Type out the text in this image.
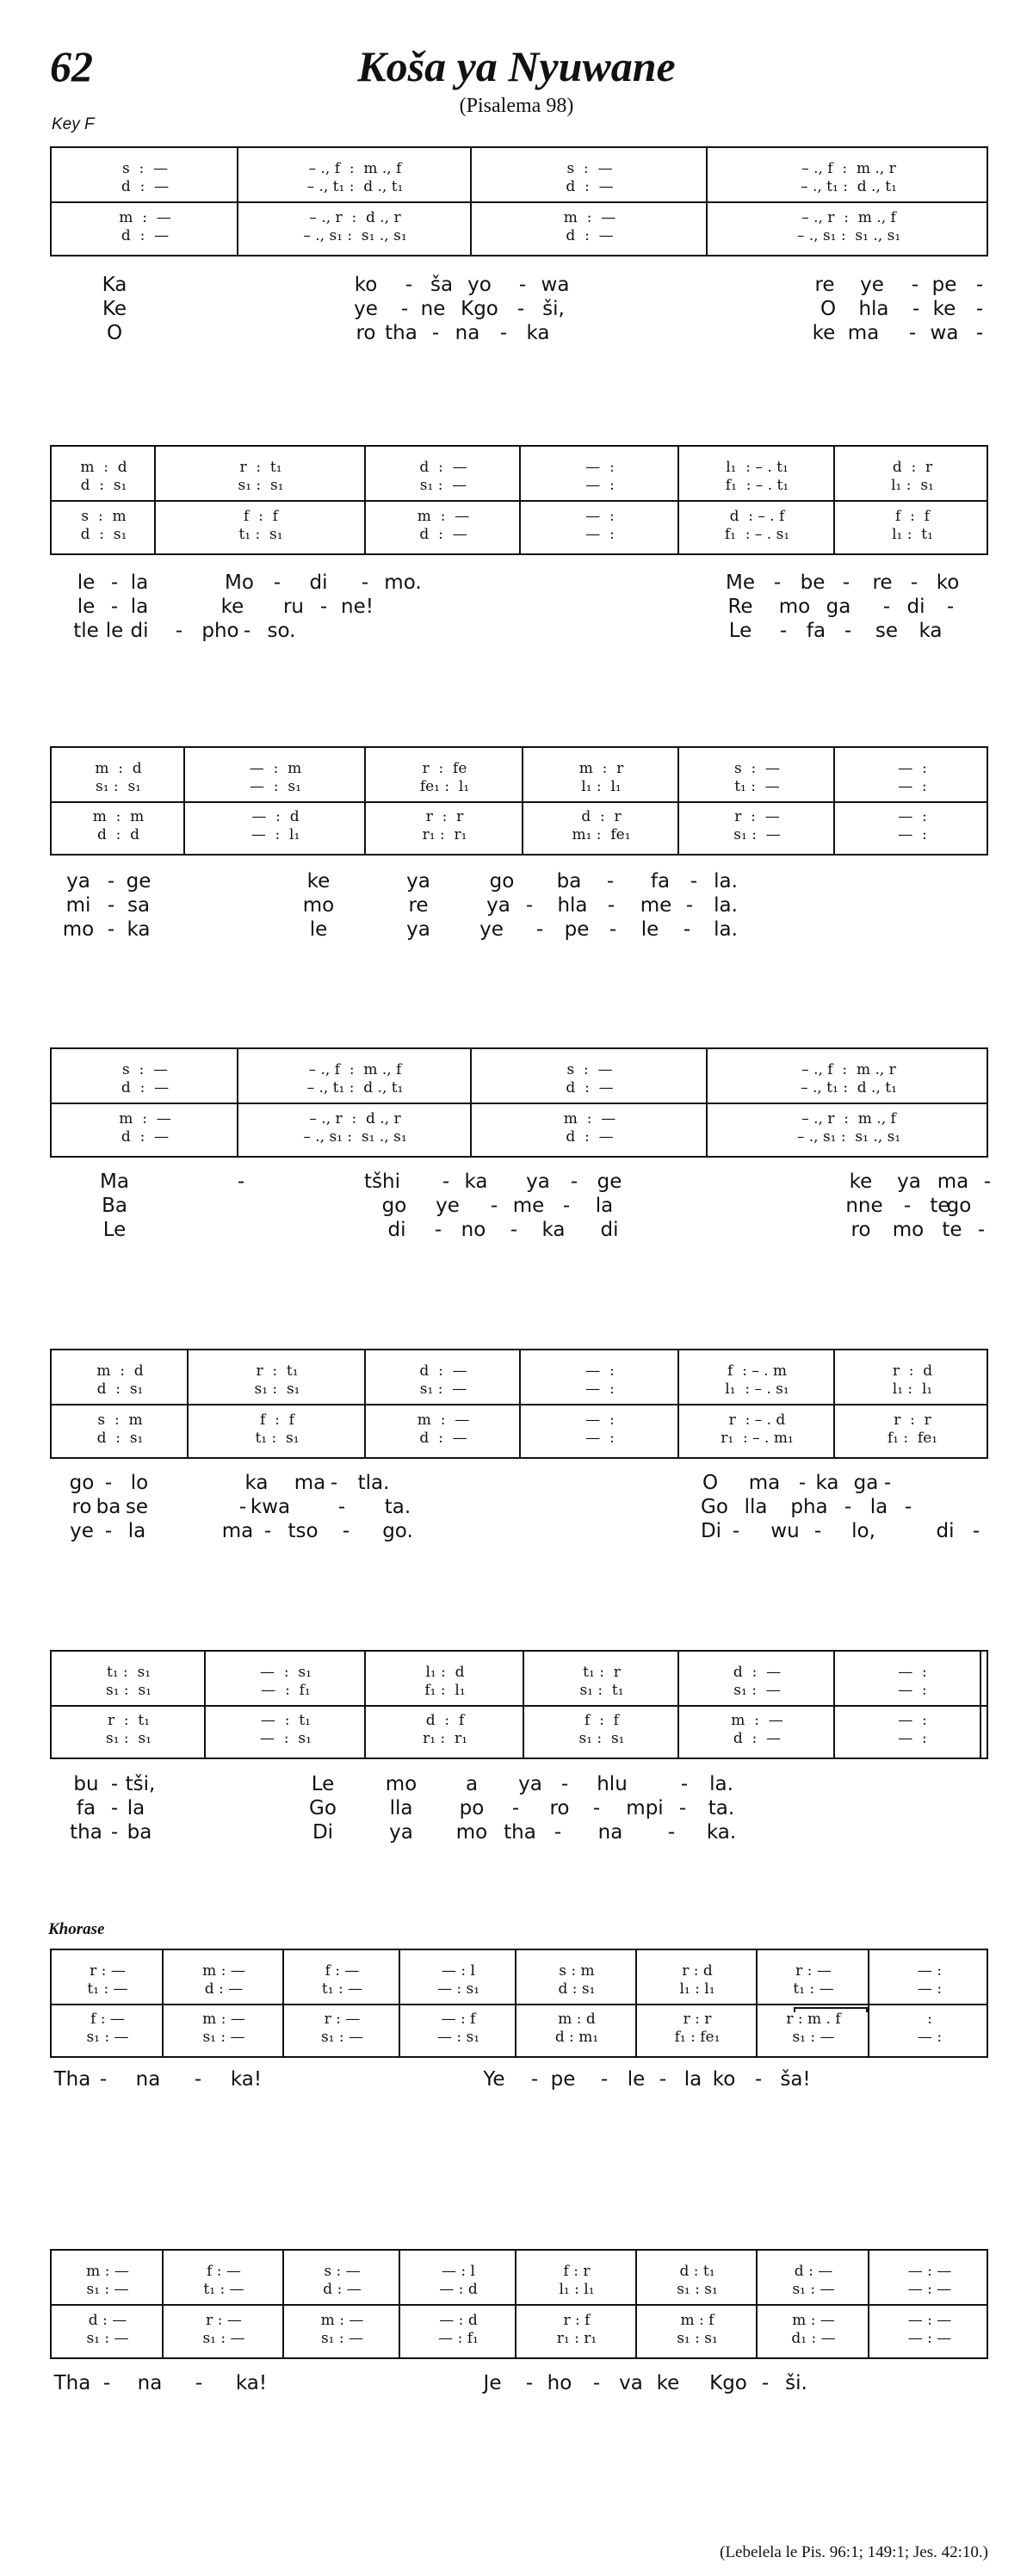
62	Koša ya Nyuwane
(Pisalema 98)
Key F
Khorase
(Lebelela le Pis. 96:1; 149:1; Jes. 42:10.)
s  :  —	– ., f  :  m ., f	s  :  —	– ., f  :  m ., r
d  :  —	– ., t₁ :  d ., t₁	d  :  —	– ., t₁ :  d ., t₁
m  :  —	– ., r  :  d ., r	m  :  —	– ., r  :  m ., f
d  :  —	– ., s₁ :  s₁ ., s₁	d  :  —	– ., s₁ :  s₁ ., s₁
Ka	ko - ša yo - wa	re ye - pe -
Ke	ye - ne Kgo - ši,	O hla - ke -
O	ro tha - na - ka	ke ma - wa -
m  :  d	r  :  t₁	d  :  —	—  :	l₁  : – . t₁	d  :  r
d  :  s₁	s₁ :  s₁	s₁ :  —	—  :	f₁  : – . t₁	l₁ :  s₁
s  :  m	f  :  f	m  :  —	—  :	d  : – . f	f  :  f
d  :  s₁	t₁ :  s₁	d  :  —	—  :	f₁  : – . s₁	l₁ :  t₁
le - la	Mo - di - mo.	Me - be - re - ko
le - la	ke ru - ne!	Re mo ga - di -
tle le di - pho - so.	Le - fa - se ka
m  :  d	—  :  m	r  :  fe	m  :  r	s  :  —	—  :
s₁ :  s₁	—  :  s₁	fe₁ :  l₁	l₁ :  l₁	t₁ :  —	—  :
m  :  m	—  :  d	r  :  r	d  :  r	r  :  —	—  :
d  :  d	—  :  l₁	r₁ :  r₁	m₁ :  fe₁	s₁ :  —	—  :
ya - ge	ke	ya	go ba - fa - la.
mi - sa	mo	re	ya - hla - me - la.
mo - ka	le	ya ye - pe - le - la.
s  :  —	– ., f  :  m ., f	s  :  —	– ., f  :  m ., r
d  :  —	– ., t₁ :  d ., t₁	d  :  —	– ., t₁ :  d ., t₁
m  :  —	– ., r  :  d ., r	m  :  —	– ., r  :  m ., f
d  :  —	– ., s₁ :  s₁ ., s₁	d  :  —	– ., s₁ :  s₁ ., s₁
Ma	-	tšhi - ka ya - ge	ke ya ma -
Ba	go ye - me - la	nne - te
go
Le	di - no - ka di	ro mo te -
m  :  d	r  :  t₁	d  :  —	—  :	f  : – . m	r  :  d
d  :  s₁	s₁ :  s₁	s₁ :  —	—  :	l₁  : – . s₁	l₁ :  l₁
s  :  m	f  :  f	m  :  —	—  :	r  : – . d	r  :  r
d  :  s₁	t₁ :  s₁	d  :  —	—  :	r₁  : – . m₁	f₁ :  fe₁
go - lo	ka ma - tla.	O ma - ka ga -
ro ba se	- kwa - ta.	Go lla pha - la -
ye - la	ma - tso - go.	Di - wu - lo,	di -
t₁ :  s₁	—  :  s₁	l₁ :  d	t₁ :  r	d  :  —	—  :
s₁ :  s₁	—  :  f₁	f₁ :  l₁	s₁ :  t₁	s₁ :  —	—  :
r  :  t₁	—  :  t₁	d  :  f	f  :  f	m  :  —	—  :
s₁ :  s₁	—  :  s₁	r₁ :  r₁	s₁ :  s₁	d  :  —	—  :
bu - tši,	Le	mo a ya - hlu	- la.
fa - la	Go	lla po - ro - mpi - ta.
tha - ba	Di	ya mo tha - na - ka.
r : —	m : —	f : —	— : l	s : m	r : d	r : —	— :
t₁ : —	d : —	t₁ : —	— : s₁	d : s₁	l₁ : l₁	t₁ : —	— :
f : —	m : —	r : —	— : f	m : d	r : r	r : m . f	:
s₁ : —	s₁ : —	s₁ : —	— : s₁	d : m₁	f₁ : fe₁	s₁ : —	— :
Tha - na - ka!	Ye - pe - le - la ko - ša!
m : —	f : —	s : —	— : l	f : r	d : t₁	d : —	— : —
s₁ : —	t₁ : —	d : —	— : d	l₁ : l₁	s₁ : s₁	s₁ : —	— : —
d : —	r : —	m : —	— : d	r : f	m : f	m : —	— : —
s₁ : —	s₁ : —	s₁ : —	— : f₁	r₁ : r₁	s₁ : s₁	d₁ : —	— : —
Tha - na - ka!	Je - ho - va ke Kgo - ši.
